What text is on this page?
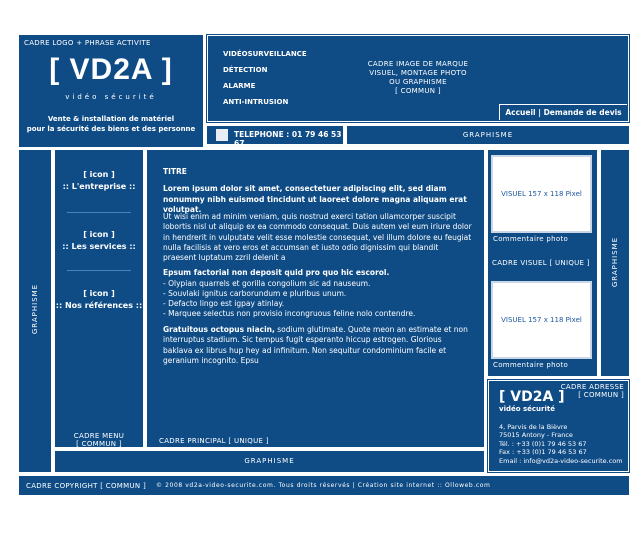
CADRE LOGO + PHRASE ACTIVITE
[ VD2A ]
vidéo sécurité
Vente & installation de matériel
pour la sécurité des biens et des personne
VIDÉOSURVEILLANCE
DÉTECTION
ALARME
ANTI-INTRUSION
CADRE IMAGE DE MARQUE
VISUEL, MONTAGE PHOTO
OU GRAPHISME
[ COMMUN ]
Accueil | Demande de devis
TELEPHONE : 01 79 46 53 67
GRAPHISME
GRAPHISME
[ icon ]
:: L'entreprise ::
[ icon ]
:: Les services ::
[ icon ]
:: Nos références ::
CADRE MENU
[ COMMUN ]
TITRE
Lorem ipsum dolor sit amet, consectetuer adipiscing elit, sed diam nonummy nibh euismod tincidunt ut laoreet dolore magna aliquam erat volutpat.
Ut wisi enim ad minim veniam, quis nostrud exerci tation ullamcorper suscipit lobortis nisl ut aliquip ex ea commodo consequat. Duis autem vel eum iriure dolor in hendrerit in vulputate velit esse molestie consequat, vel illum dolore eu feugiat nulla facilisis at vero eros et accumsan et iusto odio dignissim qui blandit praesent luptatum zzril delenit a
Epsum factorial non deposit quid pro quo hic escorol.
- Olypian quarrels et gorilla congolium sic ad nauseum.
- Souvlaki ignitus carborundum e pluribus unum.
- Defacto lingo est igpay atinlay.
- Marquee selectus non provisio incongruous feline nolo contendre.
Gratuitous octopus niacin, sodium glutimate. Quote meon an estimate et non interruptus stadium. Sic tempus fugit esperanto hiccup estrogen. Glorious baklava ex librus hup hey ad infinitum. Non sequitur condominium facile et geranium incognito. Epsu
CADRE PRINCIPAL [ UNIQUE ]
VISUEL 157 x 118 Pixel
Commentaire photo
CADRE VISUEL [ UNIQUE ]
VISUEL 157 x 118 Pixel
Commentaire photo
GRAPHISME
CADRE ADRESSE
[ COMMUN ]
[ VD2A ]
vidéo sécurité
4, Parvis de la Bièvre
75015 Antony - France
Tél. : +33 (0)1 79 46 53 67
Fax : +33 (0)1 79 46 53 67
Email : info@vd2a-video-securite.com
GRAPHISME
CADRE COPYRIGHT [ COMMUN ] © 2008 vd2a-video-securite.com. Tous droits réservés | Création site internet :: Olloweb.com
